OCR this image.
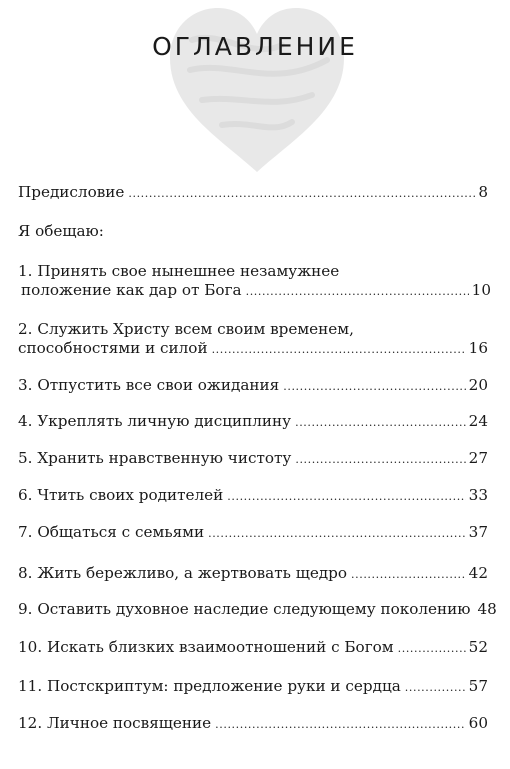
ОГЛАВЛЕНИЕ
Предисловие .....	8
Я обещаю:
1. Принять свое нынешнее незамужнее
положение как дар от Бога .....	10
2. Служить Христу всем своим временем,
способностями и силой .....	16
3. Отпустить все свои ожидания .....	20
4. Укреплять личную дисциплину .....	24
5. Хранить нравственную чистоту .....	27
6. Чтить своих родителей .....	33
7. Общаться с семьями .....	37
8. Жить бережливо, а жертвовать щедро .....	42
9. Оставить духовное наследие следующему поколению 48
10. Искать близких взаимоотношений с Богом .....	52
11. Постскриптум: предложение руки и сердца .....	57
12. Личное посвящение .....	60
